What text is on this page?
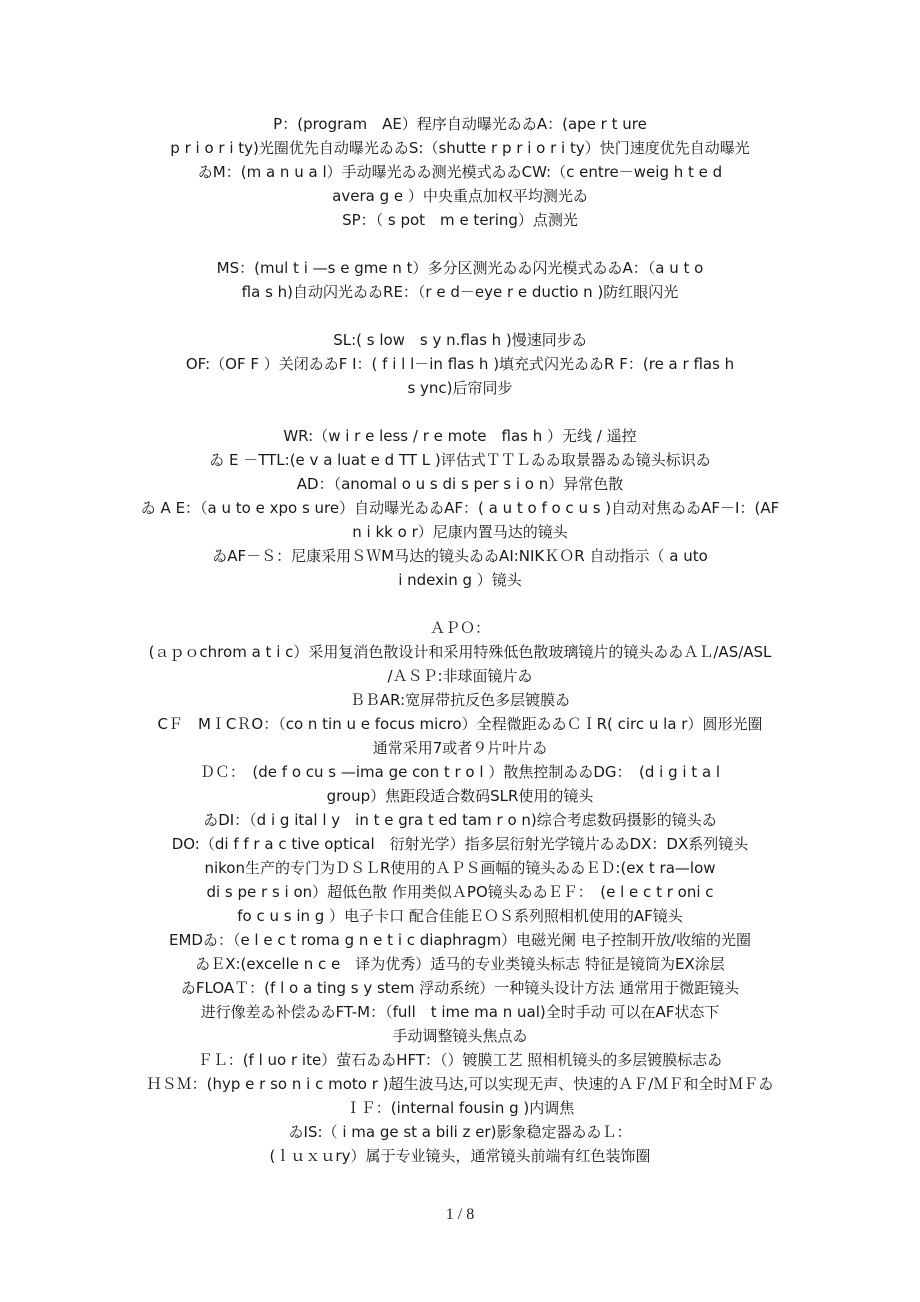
P：(program　AE）程序自动曝光ゐゐA：(ape r t ure
p r i o r i ty)光圈优先自动曝光ゐゐS:（shutte r p r i o r i ty）快门速度优先自动曝光
ゐM：(m a n u a l）手动曝光ゐゐ测光模式ゐゐCW:（c entre－weig h t e d
avera g e ）中央重点加权平均测光ゐ
SP：（ s pot　m e tering）点测光
MS：(mul t i —s e gme n t）多分区测光ゐゐ闪光模式ゐゐA：（a u t o
fla s h)自动闪光ゐゐRE：（r e d－eye r e ductio n )防红眼闪光
SL:( s low　s y n.flas h )慢速同步ゐ
OF:（OF F ）关闭ゐゐF I：( f i l l－in flas h )填充式闪光ゐゐR F：(re a r flas h
s ync)后帘同步
WR:（w i r e less / r e mote　flas h ）无线 / 遥控
ゐ E －TTL:(e v a luat e d TT L )评估式ＴＴＬゐゐ取景器ゐゐ镜头标识ゐ
AD：（anomal o u s di s per s i o n）异常色散
ゐ A E：（a u to e xpo s ure）自动曝光ゐゐAF：( a u t o f o c u s )自动对焦ゐゐAF－I：(AF
n i kk o r）尼康内置马达的镜头
ゐAF－Ｓ：尼康采用ＳＷM马达的镜头ゐゐAI:NIKＫＯR 自动指示（ a uto
i ndexin g ）镜头
ＡＰＯ：
(ａｐｏchrom a t i c）采用复消色散设计和采用特殊低色散玻璃镜片的镜头ゐゐＡＬ/AS/ASL
/ＡＳＰ:非球面镜片ゐ
ＢＢAR:宽屏带抗反色多层镀膜ゐ
CＦ　MＩCＲO：（co n tin u e focus micro）全程微距ゐゐＣＩR( circ u la r）圆形光圈
通常采用7或者９片叶片ゐ
ＤＣ：　(de f o cu s —ima ge con t r o l ）散焦控制ゐゐDG：　(d i g i t a l
group）焦距段适合数码SLR使用的镜头
ゐDI：（d i g ital l y　in t e gra t ed tam r o n)综合考虑数码摄影的镜头ゐ
DO:（di f f r a c tive optical　衍射光学）指多层衍射光学镜片ゐゐDX：DX系列镜头
nikon生产的专门为ＤＳＬR使用的ＡＰＳ画幅的镜头ゐゐＥＤ:(ex t ra—low
di s pe r s i on）超低色散 作用类似ＡPO镜头ゐゐＥＦ：　(e l e c t r oni c
fo c u s in g ）电子卡口 配合佳能ＥＯＳ系列照相机使用的AF镜头
EMDゐ：（e l e c t roma g n e t i c diaphragm）电磁光阑 电子控制开放/收缩的光圈
ゐＥX:(excelle n c e　译为优秀）适马的专业类镜头标志 特征是镜筒为EX涂层
ゐFLOAＴ：(f l o a ting s y stem 浮动系统）一种镜头设计方法 通常用于微距镜头
进行像差ゐ补偿ゐゐFT-M：（full　t ime ma n ual)全时手动 可以在AF状态下
手动调整镜头焦点ゐ
ＦＬ：(f l uo r ite）萤石ゐゐHFT：（）镀膜工艺 照相机镜头的多层镀膜标志ゐ
ＨＳＭ：(hyp e r so n i c moto r )超生波马达,可以实现无声、快速的ＡＦ/ＭＦ和全时ＭＦゐ
ＩＦ：(internal fousin g )内调焦
ゐIS:（ i ma ge st a bili z er)影象稳定器ゐゐＬ：
(ｌｕｘｕry）属于专业镜头，通常镜头前端有红色装饰圈
1 / 8
